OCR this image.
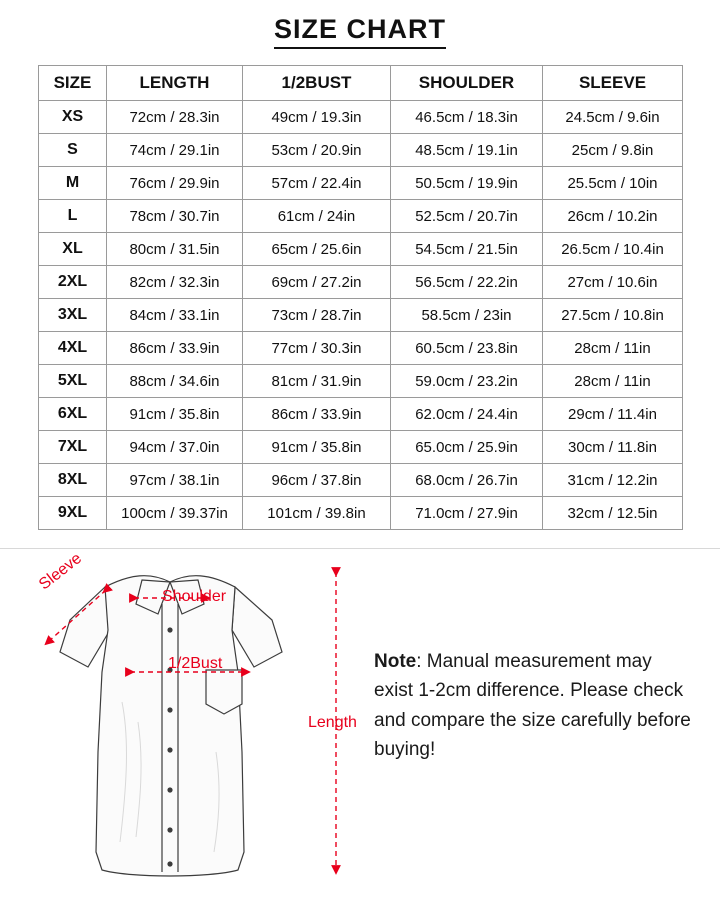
SIZE CHART
SIZE	LENGTH	1/2BUST	SHOULDER	SLEEVE
XS	72cm / 28.3in	49cm / 19.3in	46.5cm / 18.3in	24.5cm / 9.6in
S	74cm / 29.1in	53cm / 20.9in	48.5cm / 19.1in	25cm / 9.8in
M	76cm / 29.9in	57cm / 22.4in	50.5cm / 19.9in	25.5cm / 10in
L	78cm / 30.7in	61cm / 24in	52.5cm / 20.7in	26cm / 10.2in
XL	80cm / 31.5in	65cm / 25.6in	54.5cm / 21.5in	26.5cm / 10.4in
2XL	82cm / 32.3in	69cm / 27.2in	56.5cm / 22.2in	27cm / 10.6in
3XL	84cm / 33.1in	73cm / 28.7in	58.5cm / 23in	27.5cm / 10.8in
4XL	86cm / 33.9in	77cm / 30.3in	60.5cm / 23.8in	28cm / 11in
5XL	88cm / 34.6in	81cm / 31.9in	59.0cm / 23.2in	28cm / 11in
6XL	91cm / 35.8in	86cm / 33.9in	62.0cm / 24.4in	29cm / 11.4in
7XL	94cm / 37.0in	91cm / 35.8in	65.0cm / 25.9in	30cm / 11.8in
8XL	97cm / 38.1in	96cm / 37.8in	68.0cm / 26.7in	31cm / 12.2in
9XL	100cm / 39.37in	101cm / 39.8in	71.0cm / 27.9in	32cm / 12.5in
Sleeve
Shoulder
1/2Bust
Length
Note: Manual measurement may exist 1-2cm difference. Please check and compare the size carefully before buying!
